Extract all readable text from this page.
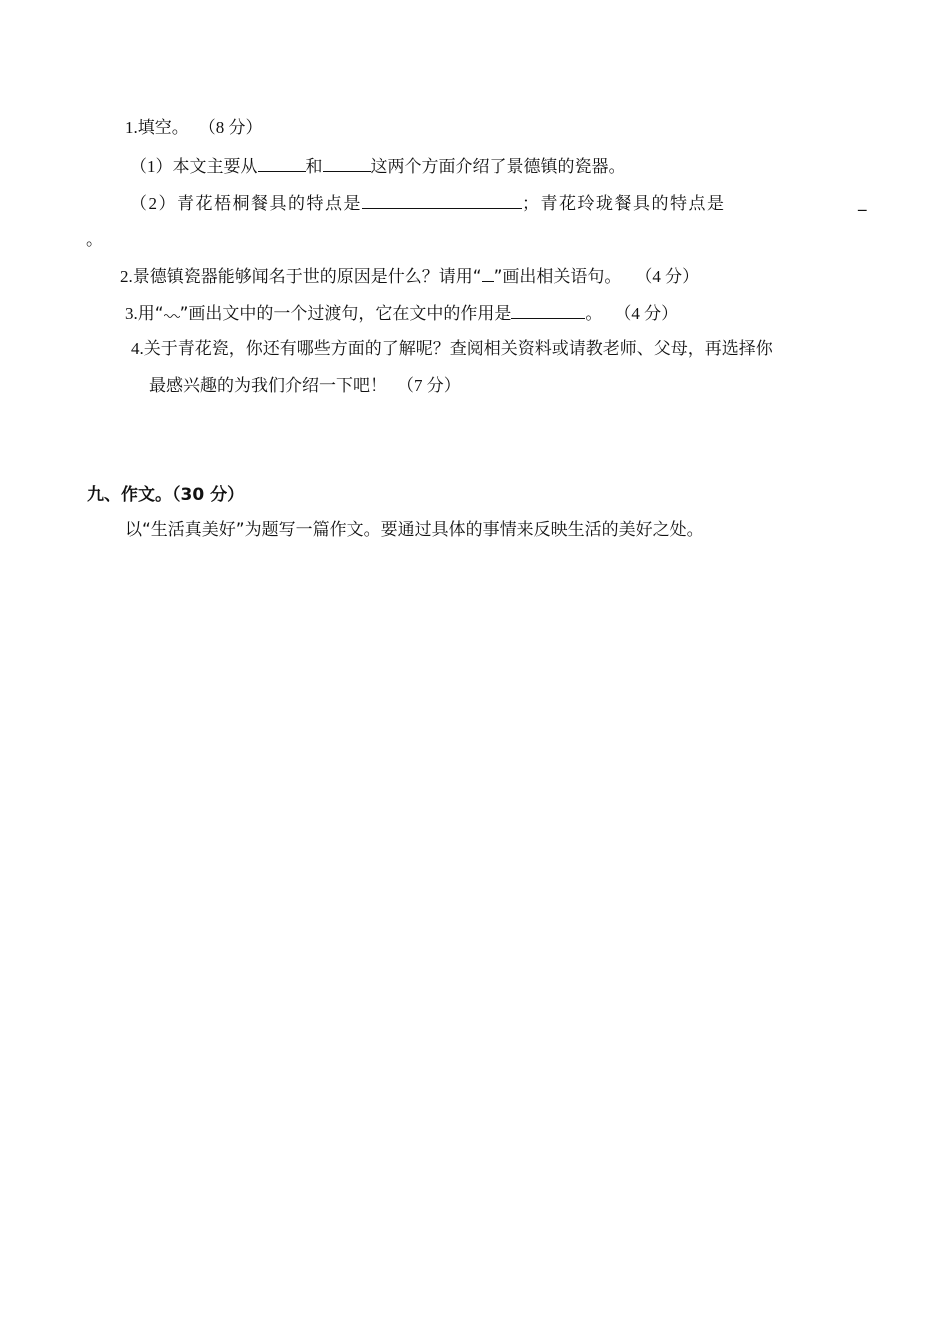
1.填空。 （8 分）
（1）本文主要从	和	这两个方面介绍了景德镇的瓷器。
（2）青花梧桐餐具的特点是	；青花玲珑餐具的特点是	_
。
2.景德镇瓷器能够闻名于世的原因是什么？请用“ ”画出相关语句。 （4 分）
3.用“ ”画出文中的一个过渡句，它在文中的作用是	。 （4 分）
4.关于青花瓷，你还有哪些方面的了解呢？查阅相关资料或请教老师、父母，再选择你
最感兴趣的为我们介绍一下吧！ （7 分）
九、作文。（30 分）
以“生活真美好”为题写一篇作文。要通过具体的事情来反映生活的美好之处。
